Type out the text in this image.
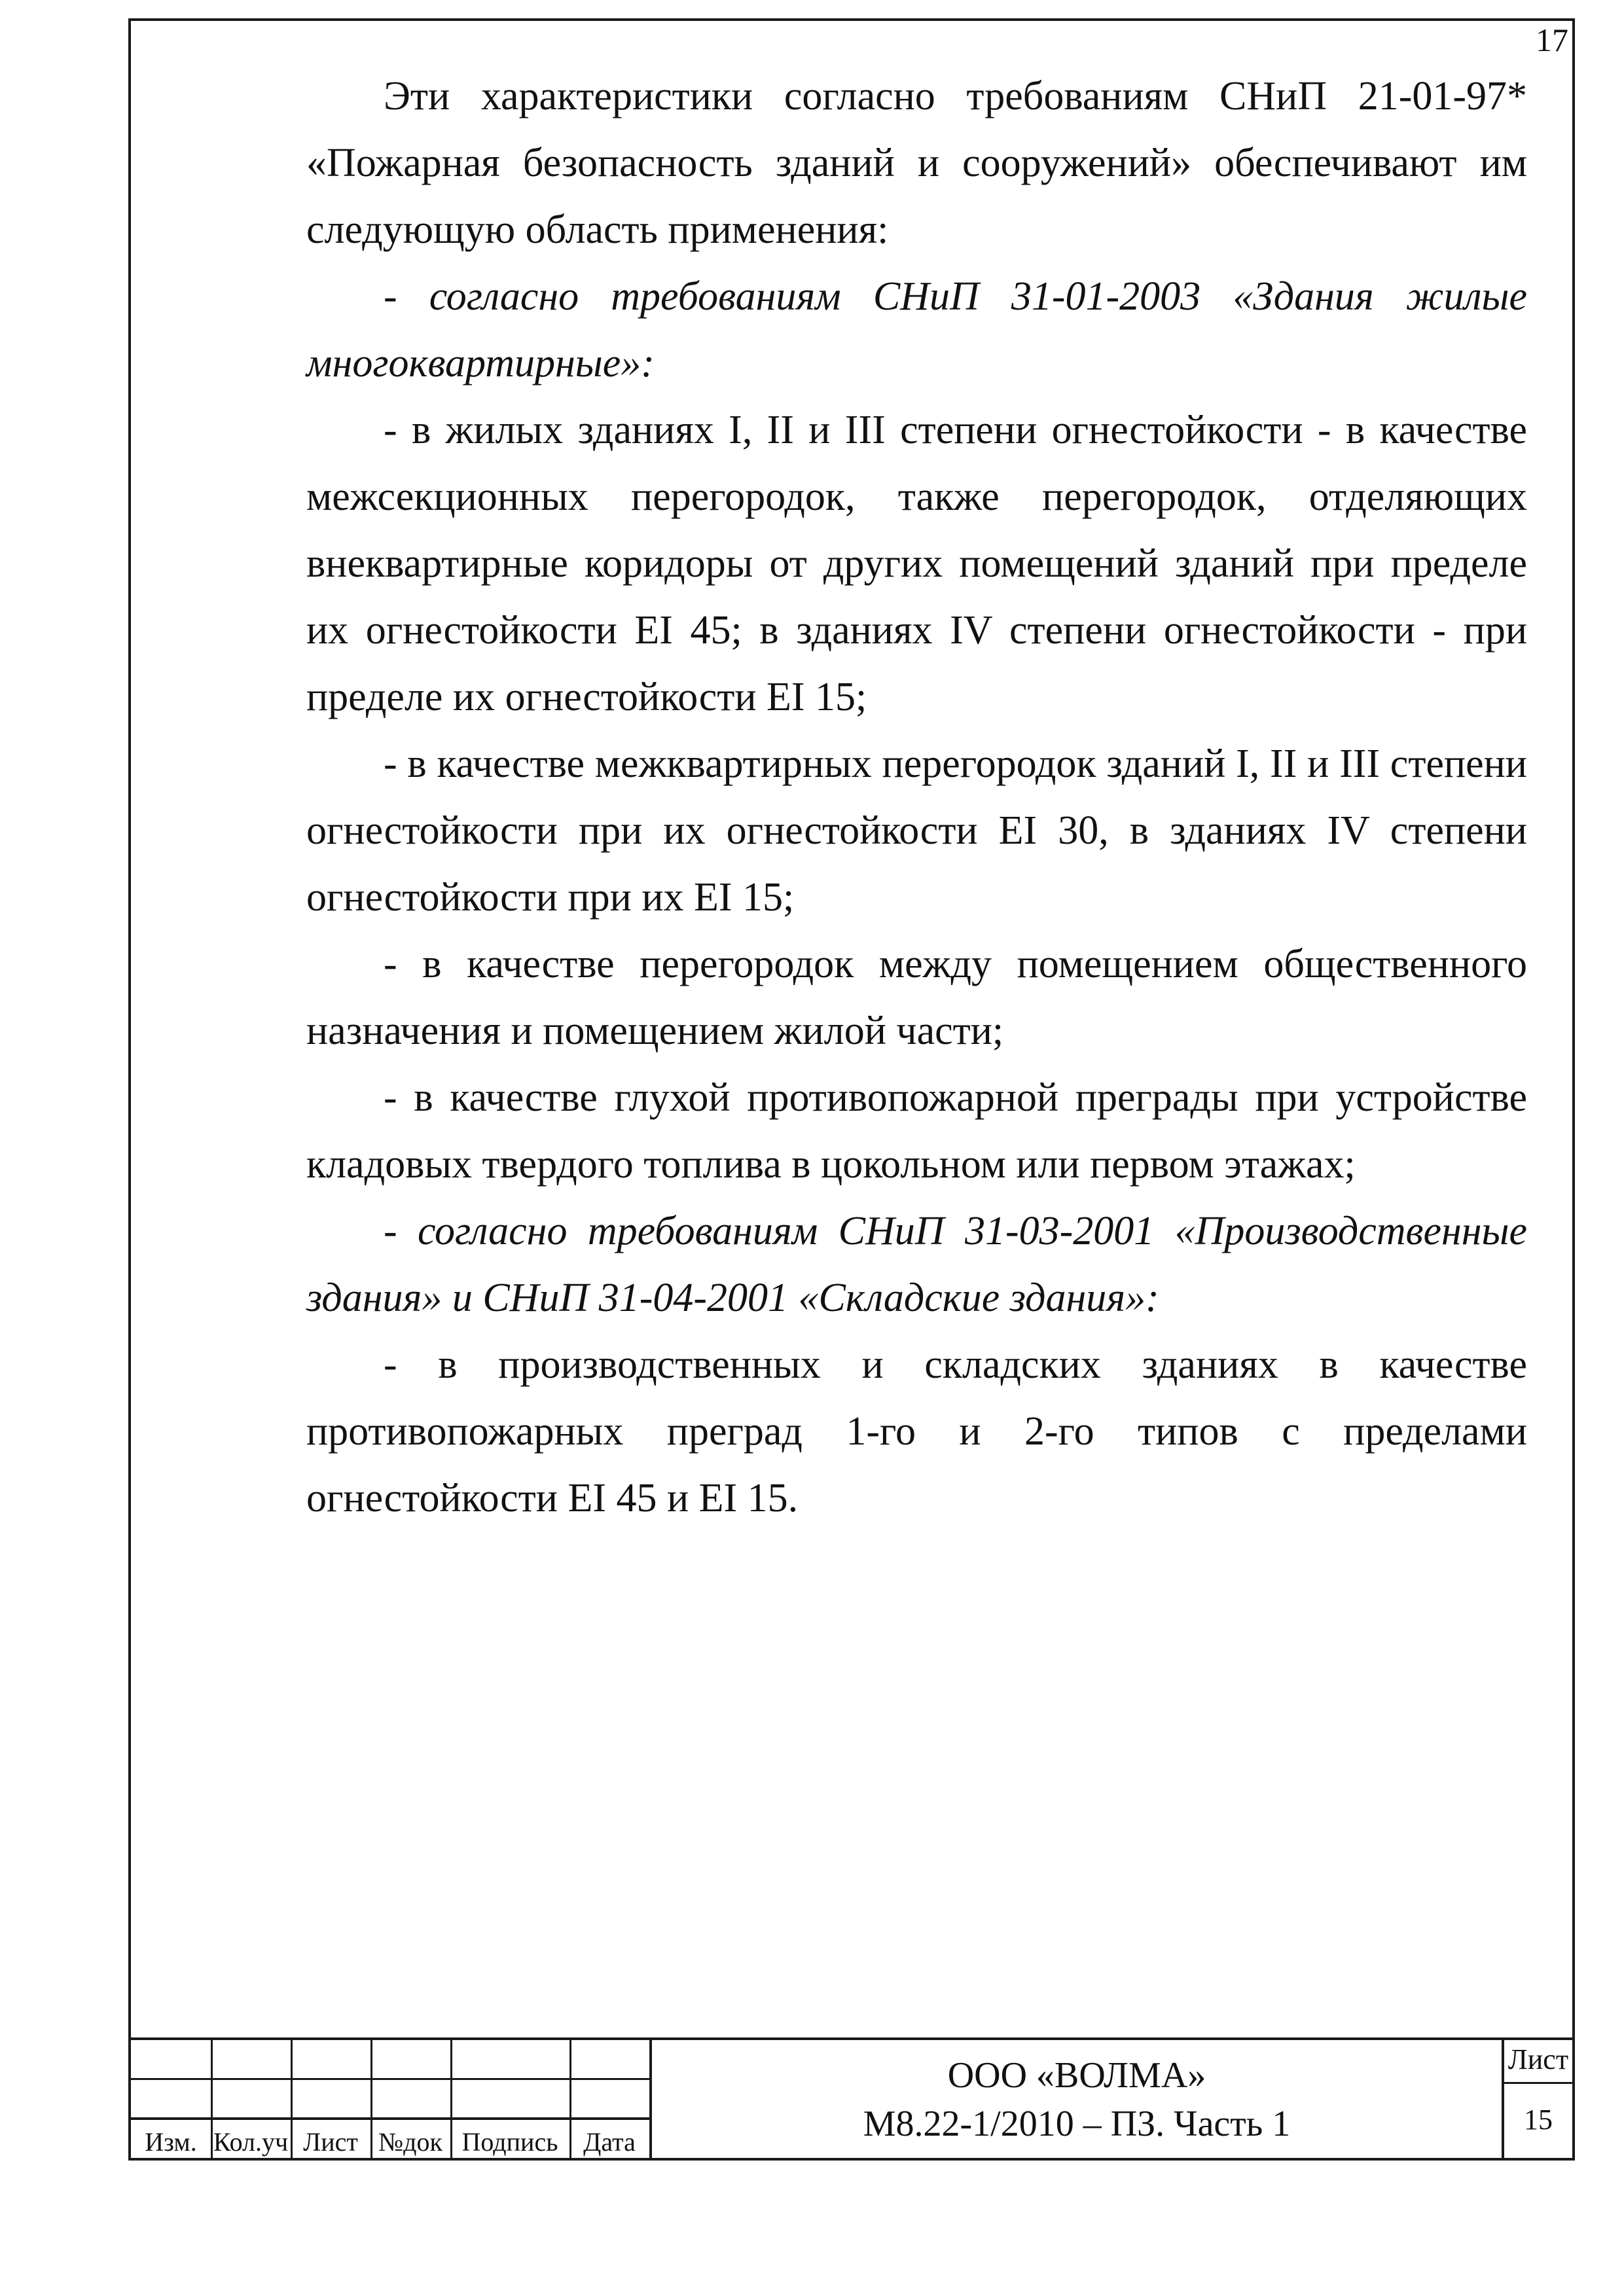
17

Эти характеристики согласно требованиям СНиП 21-01-97* «Пожарная безопасность зданий и сооружений» обеспечивают им следующую область применения:

- согласно требованиям СНиП 31-01-2003 «Здания жилые многоквартирные»:

- в жилых зданиях I, II и III степени огнестойкости - в качестве межсекционных перегородок, также перегородок, отделяющих внеквартирные коридоры от других помещений зданий при пределе их огнестойкости EI 45; в зданиях IV степени огнестойкости - при пределе их огнестойкости EI 15;

- в качестве межквартирных перегородок зданий I, II и III степени огнестойкости при их огнестойкости EI 30, в зданиях IV степени огнестойкости при их EI 15;

- в качестве перегородок между помещением общественного назначения и помещением жилой части;

- в качестве глухой противопожарной преграды при устройстве кладовых твердого топлива в цокольном или первом этажах;

- согласно требованиям СНиП 31-03-2001 «Производственные здания» и СНиП 31-04-2001 «Складские здания»:

- в производственных и складских зданиях в качестве противопожарных преград 1-го и 2-го типов с пределами огнестойкости EI 45 и EI 15.

Изм. Кол.уч Лист №док Подпись Дата
ООО «ВОЛМА»
М8.22-1/2010 – ПЗ. Часть 1
Лист
15
